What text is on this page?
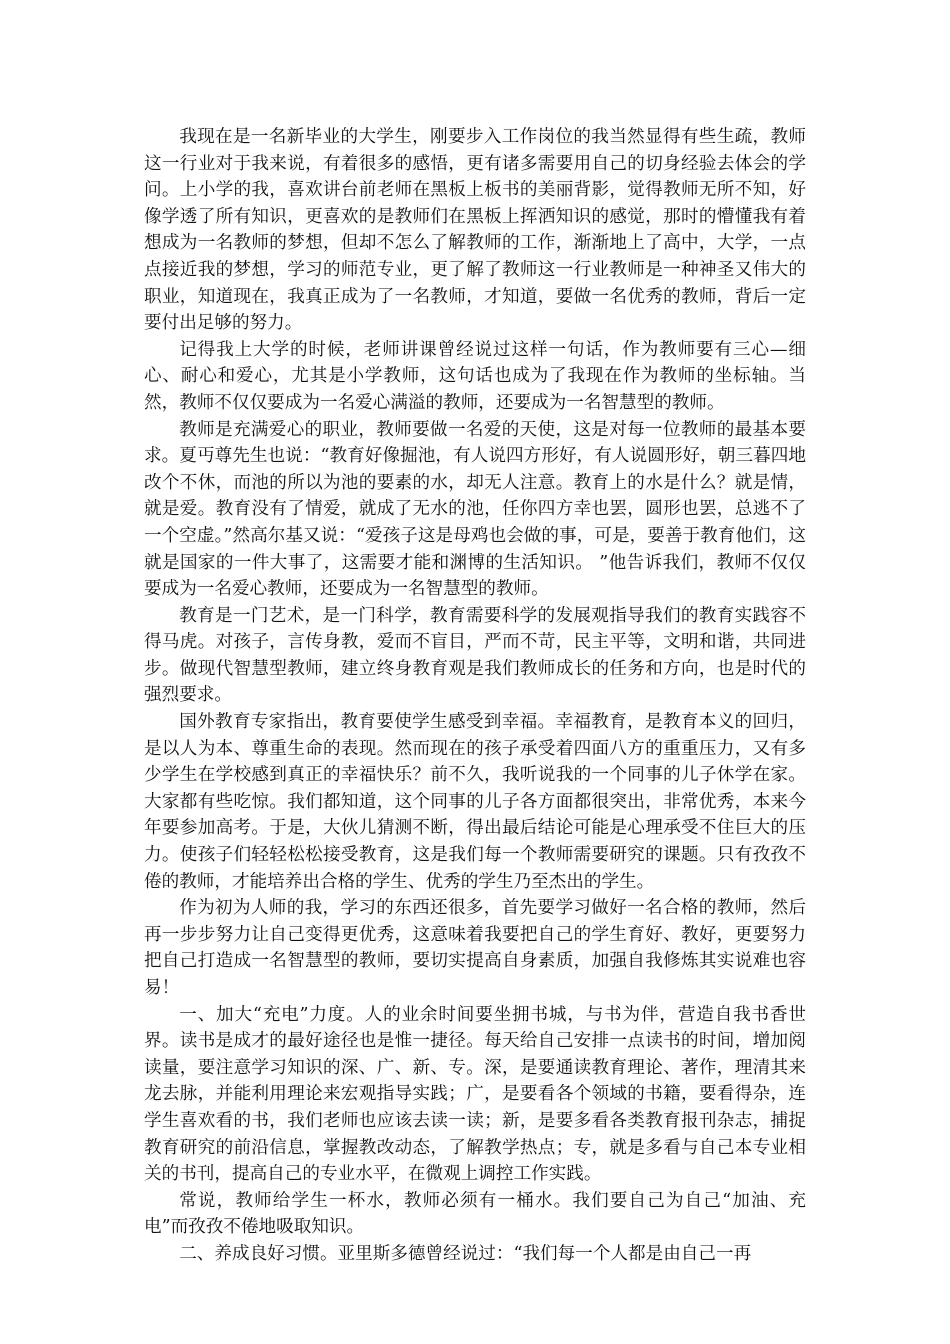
我现在是一名新毕业的大学生，刚要步入工作岗位的我当然显得有些生疏，教师这一行业对于我来说，有着很多的感悟，更有诸多需要用自己的切身经验去体会的学问。上小学的我，喜欢讲台前老师在黑板上板书的美丽背影，觉得教师无所不知，好像学透了所有知识，更喜欢的是教师们在黑板上挥洒知识的感觉，那时的懵懂我有着想成为一名教师的梦想，但却不怎么了解教师的工作，渐渐地上了高中，大学，一点点接近我的梦想，学习的师范专业，更了解了教师这一行业教师是一种神圣又伟大的职业，知道现在，我真正成为了一名教师，才知道，要做一名优秀的教师，背后一定要付出足够的努力。

记得我上大学的时候，老师讲课曾经说过这样一句话，作为教师要有三心—细心、耐心和爱心，尤其是小学教师，这句话也成为了我现在作为教师的坐标轴。当然，教师不仅仅要成为一名爱心满溢的教师，还要成为一名智慧型的教师。

教师是充满爱心的职业，教师要做一名爱的天使，这是对每一位教师的最基本要求。夏丏尊先生也说：“教育好像掘池，有人说四方形好，有人说圆形好，朝三暮四地改个不休，而池的所以为池的要素的水，却无人注意。教育上的水是什么？就是情，就是爱。教育没有了情爱，就成了无水的池，任你四方幸也罢，圆形也罢，总逃不了一个空虚。”然高尔基又说：“爱孩子这是母鸡也会做的事，可是，要善于教育他们，这就是国家的一件大事了，这需要才能和渊博的生活知识。 ”他告诉我们，教师不仅仅要成为一名爱心教师，还要成为一名智慧型的教师。

教育是一门艺术，是一门科学，教育需要科学的发展观指导我们的教育实践容不得马虎。对孩子，言传身教，爱而不盲目，严而不苛，民主平等，文明和谐，共同进步。做现代智慧型教师，建立终身教育观是我们教师成长的任务和方向，也是时代的强烈要求。

国外教育专家指出，教育要使学生感受到幸福。幸福教育，是教育本义的回归，是以人为本、尊重生命的表现。然而现在的孩子承受着四面八方的重重压力，又有多少学生在学校感到真正的幸福快乐？前不久，我听说我的一个同事的儿子休学在家。大家都有些吃惊。我们都知道，这个同事的儿子各方面都很突出，非常优秀，本来今年要参加高考。于是，大伙儿猜测不断，得出最后结论可能是心理承受不住巨大的压力。使孩子们轻轻松松接受教育，这是我们每一个教师需要研究的课题。只有孜孜不倦的教师，才能培养出合格的学生、优秀的学生乃至杰出的学生。

作为初为人师的我，学习的东西还很多，首先要学习做好一名合格的教师，然后再一步步努力让自己变得更优秀，这意味着我要把自己的学生育好、教好，更要努力把自己打造成一名智慧型的教师，要切实提高自身素质，加强自我修炼其实说难也容易！

一、加大“充电”力度。人的业余时间要坐拥书城，与书为伴，营造自我书香世界。读书是成才的最好途径也是惟一捷径。每天给自己安排一点读书的时间，增加阅读量，要注意学习知识的深、广、新、专。深，是要通读教育理论、著作，理清其来龙去脉，并能利用理论来宏观指导实践；广，是要看各个领域的书籍，要看得杂，连学生喜欢看的书，我们老师也应该去读一读；新，是要多看各类教育报刊杂志，捕捉教育研究的前沿信息，掌握教改动态，了解教学热点；专，就是多看与自己本专业相关的书刊，提高自己的专业水平，在微观上调控工作实践。

常说，教师给学生一杯水，教师必须有一桶水。我们要自己为自己“加油、充电”而孜孜不倦地吸取知识。

二、养成良好习惯。亚里斯多德曾经说过：“我们每一个人都是由自己一再
